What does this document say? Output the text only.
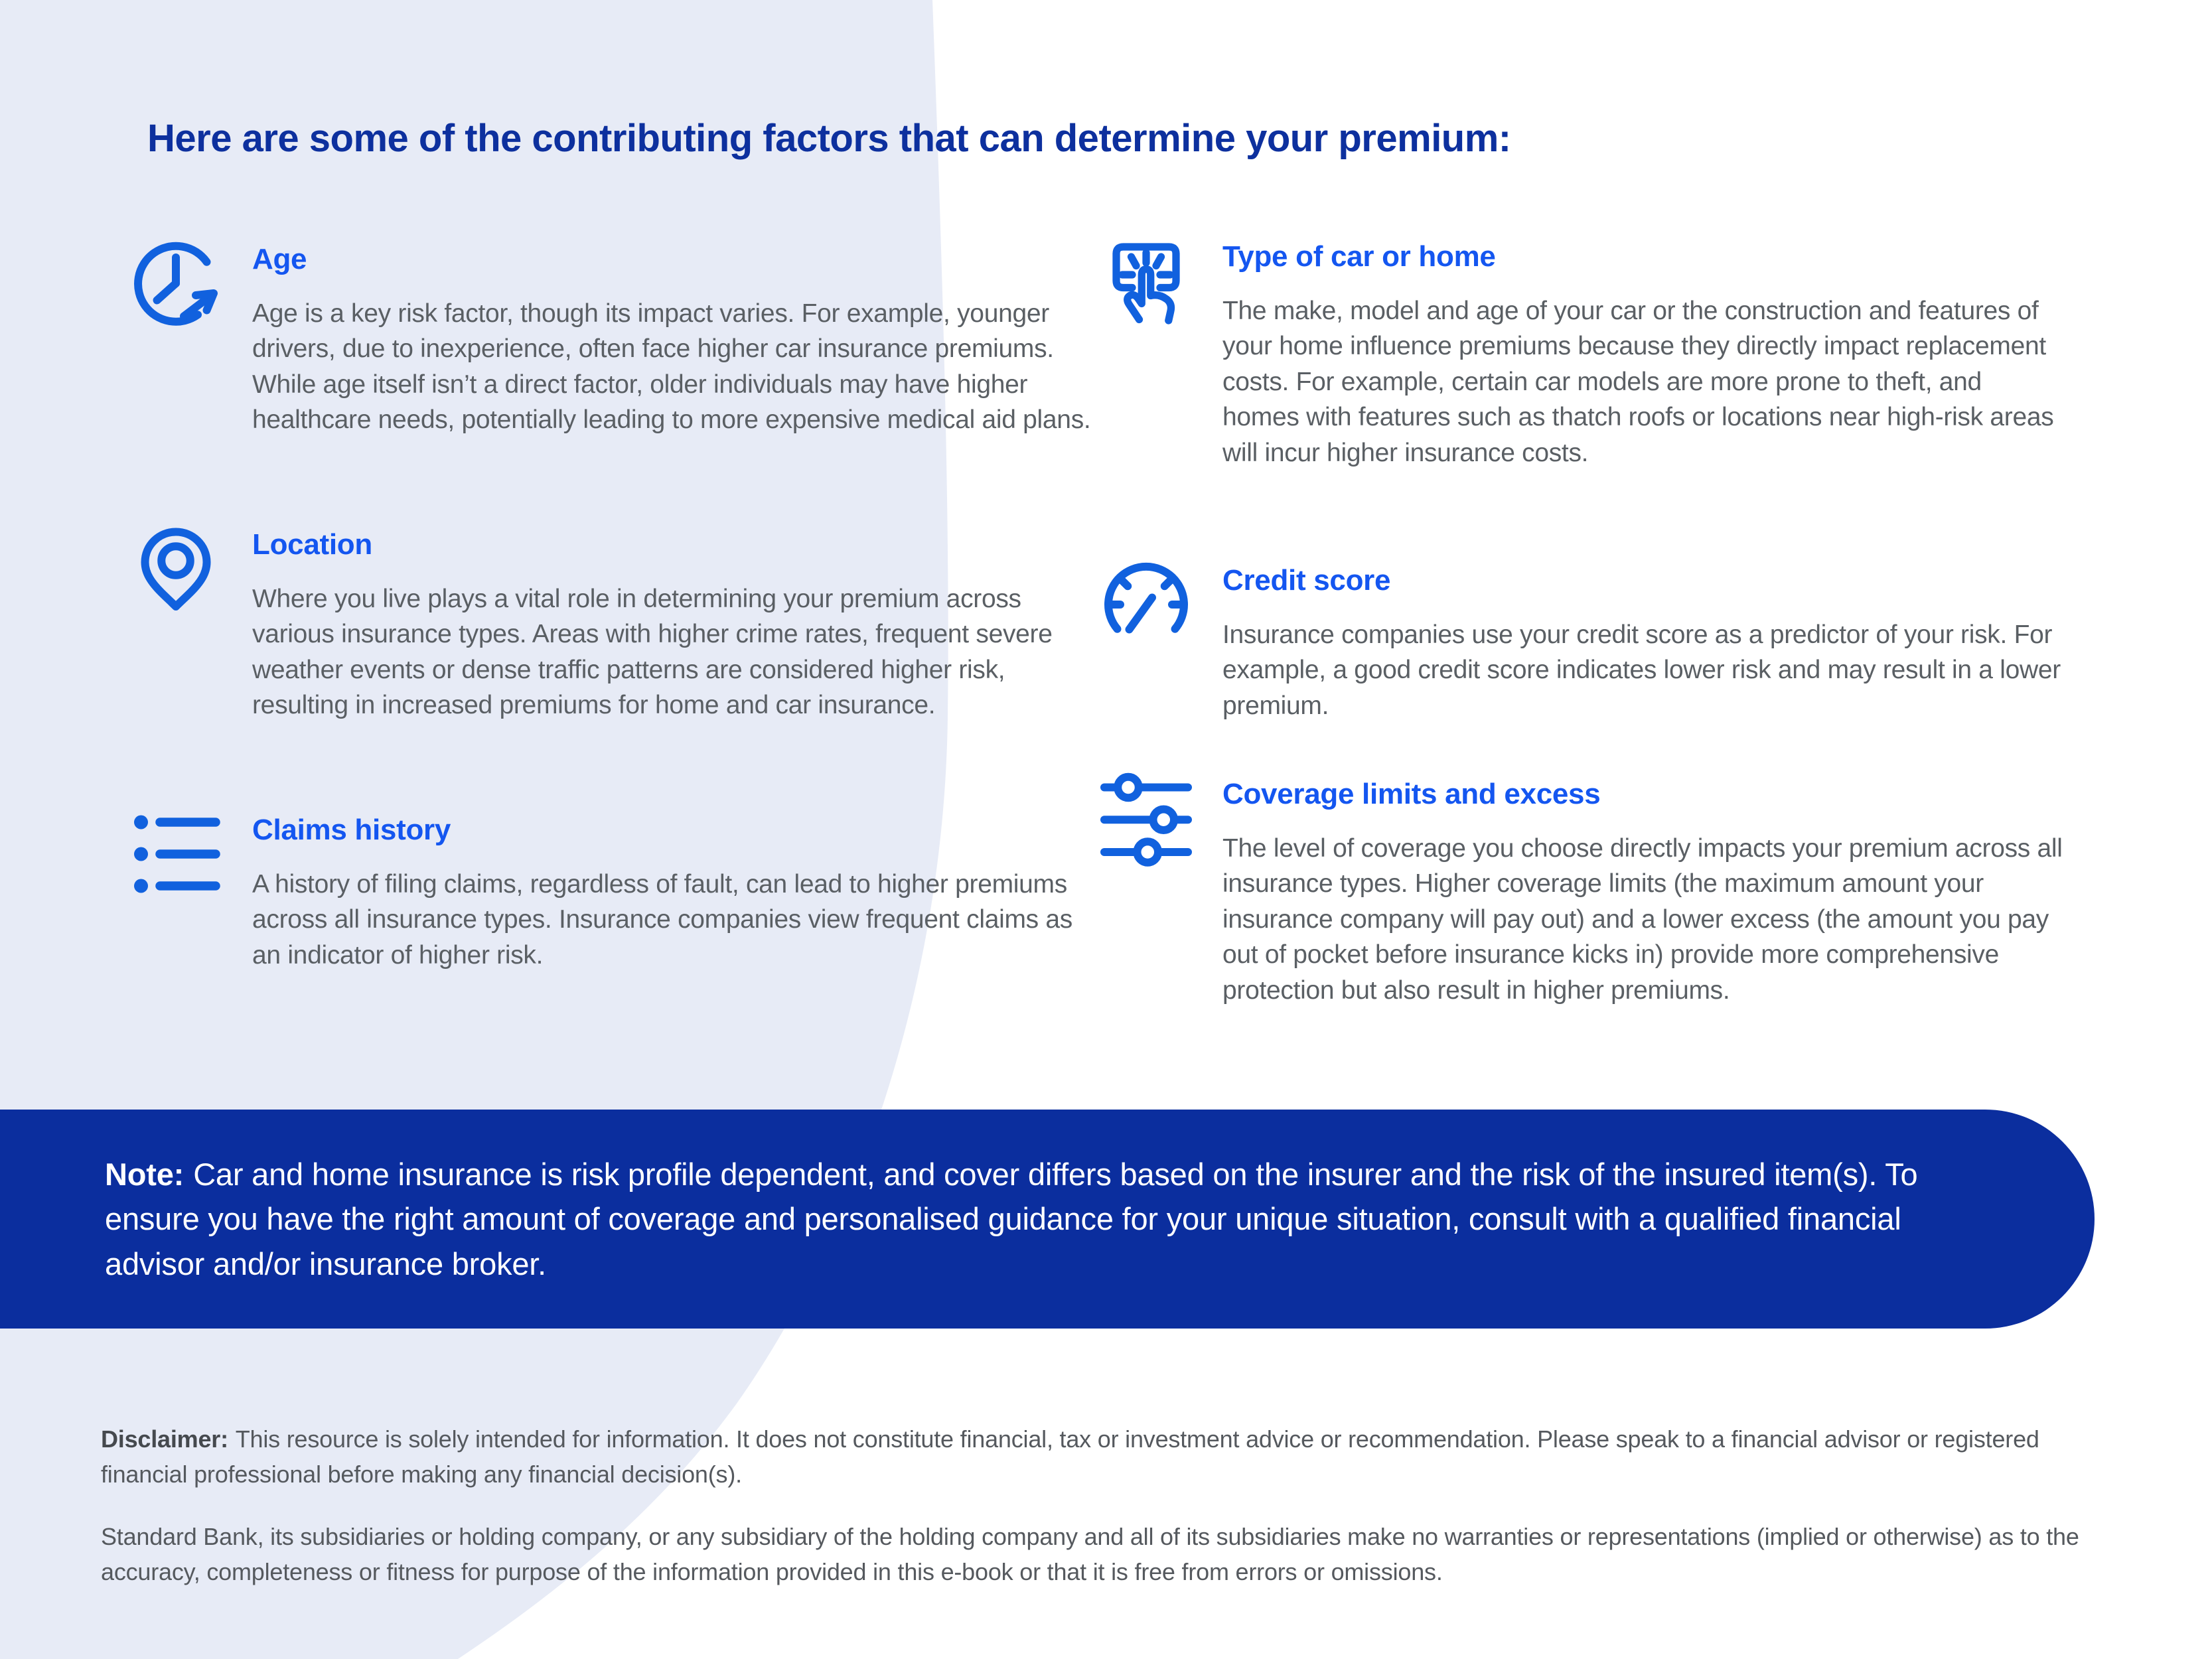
Here are some of the contributing factors that can determine your premium:
Age
Age is a key risk factor, though its impact varies. For example, younger drivers, due to inexperience, often face higher car insurance premiums. While age itself isn’t a direct factor, older individuals may have higher healthcare needs, potentially leading to more expensive medical aid plans.
Location
Where you live plays a vital role in determining your premium across various insurance types. Areas with higher crime rates, frequent severe weather events or dense traffic patterns are considered higher risk, resulting in increased premiums for home and car insurance.
Claims history
A history of filing claims, regardless of fault, can lead to higher premiums across all insurance types. Insurance companies view frequent claims as an indicator of higher risk.
Type of car or home
The make, model and age of your car or the construction and features of your home influence premiums because they directly impact replacement costs. For example, certain car models are more prone to theft, and homes with features such as thatch roofs or locations near high-risk areas will incur higher insurance costs.
Credit score
Insurance companies use your credit score as a predictor of your risk. For example, a good credit score indicates lower risk and may result in a lower premium.
Coverage limits and excess
The level of coverage you choose directly impacts your premium across all insurance types. Higher coverage limits (the maximum amount your insurance company will pay out) and a lower excess (the amount you pay out of pocket before insurance kicks in) provide more comprehensive protection but also result in higher premiums.
Note: Car and home insurance is risk profile dependent, and cover differs based on the insurer and the risk of the insured item(s). To ensure you have the right amount of coverage and personalised guidance for your unique situation, consult with a qualified financial advisor and/or insurance broker.

Disclaimer: This resource is solely intended for information. It does not constitute financial, tax or investment advice or recommendation. Please speak to a financial advisor or registered financial professional before making any financial decision(s).

Standard Bank, its subsidiaries or holding company, or any subsidiary of the holding company and all of its subsidiaries make no warranties or representations (implied or otherwise) as to the accuracy, completeness or fitness for purpose of the information provided in this e-book or that it is free from errors or omissions.
